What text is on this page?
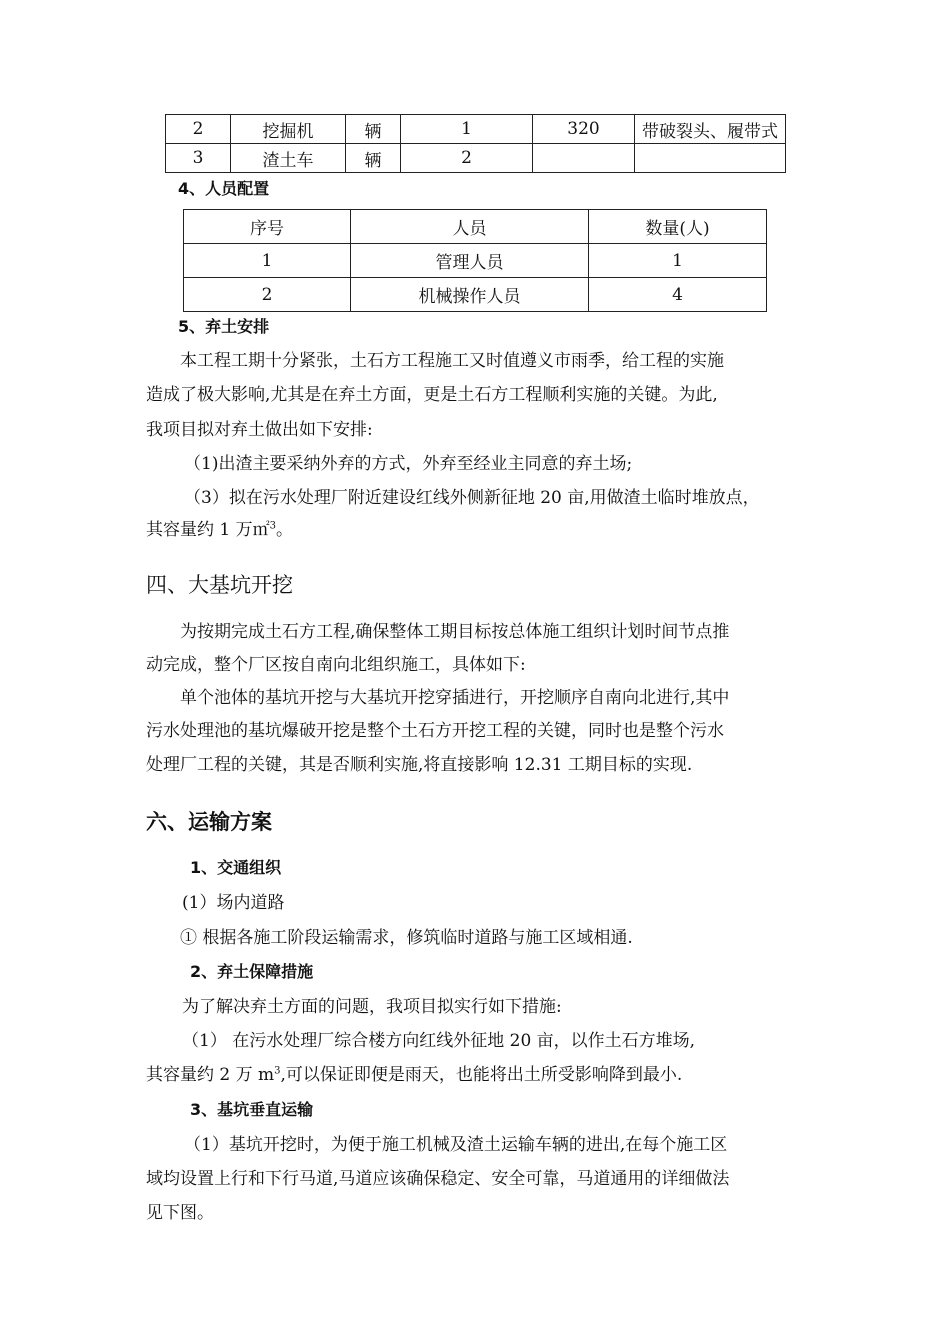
2	挖掘机	辆	1	320	带破裂头、履带式
3	渣土车	辆	2		
4、人员配置
序号	人员	数量(人)
1	管理人员	1
2	机械操作人员	4
5、弃土安排
本工程工期十分紧张，土石方工程施工又时值遵义市雨季，给工程的实施
造成了极大影响,尤其是在弃土方面，更是土石方工程顺利实施的关键。为此,
我项目拟对弃土做出如下安排:
（1)出渣主要采纳外弃的方式，外弃至经业主同意的弃土场;
（3）拟在污水处理厂附近建设红线外侧新征地 20 亩,用做渣土临时堆放点，
其容量约 1 万㎡$^3$。
四、大基坑开挖
为按期完成土石方工程,确保整体工期目标按总体施工组织计划时间节点推
动完成，整个厂区按自南向北组织施工，具体如下:
单个池体的基坑开挖与大基坑开挖穿插进行，开挖顺序自南向北进行,其中
污水处理池的基坑爆破开挖是整个土石方开挖工程的关键，同时也是整个污水
处理厂工程的关键，其是否顺利实施,将直接影响 12.31 工期目标的实现.
六、运输方案
1、交通组织
(1）场内道路
① 根据各施工阶段运输需求，修筑临时道路与施工区域相通.
2、弃土保障措施
为了解决弃土方面的问题，我项目拟实行如下措施:
（1） 在污水处理厂综合楼方向红线外征地 20 亩，以作土石方堆场,
其容量约 2 万 $m^3$,可以保证即便是雨天，也能将出土所受影响降到最小.
3、基坑垂直运输
（1）基坑开挖时，为便于施工机械及渣土运输车辆的进出,在每个施工区
域均设置上行和下行马道,马道应该确保稳定、安全可靠，马道通用的详细做法
见下图。
